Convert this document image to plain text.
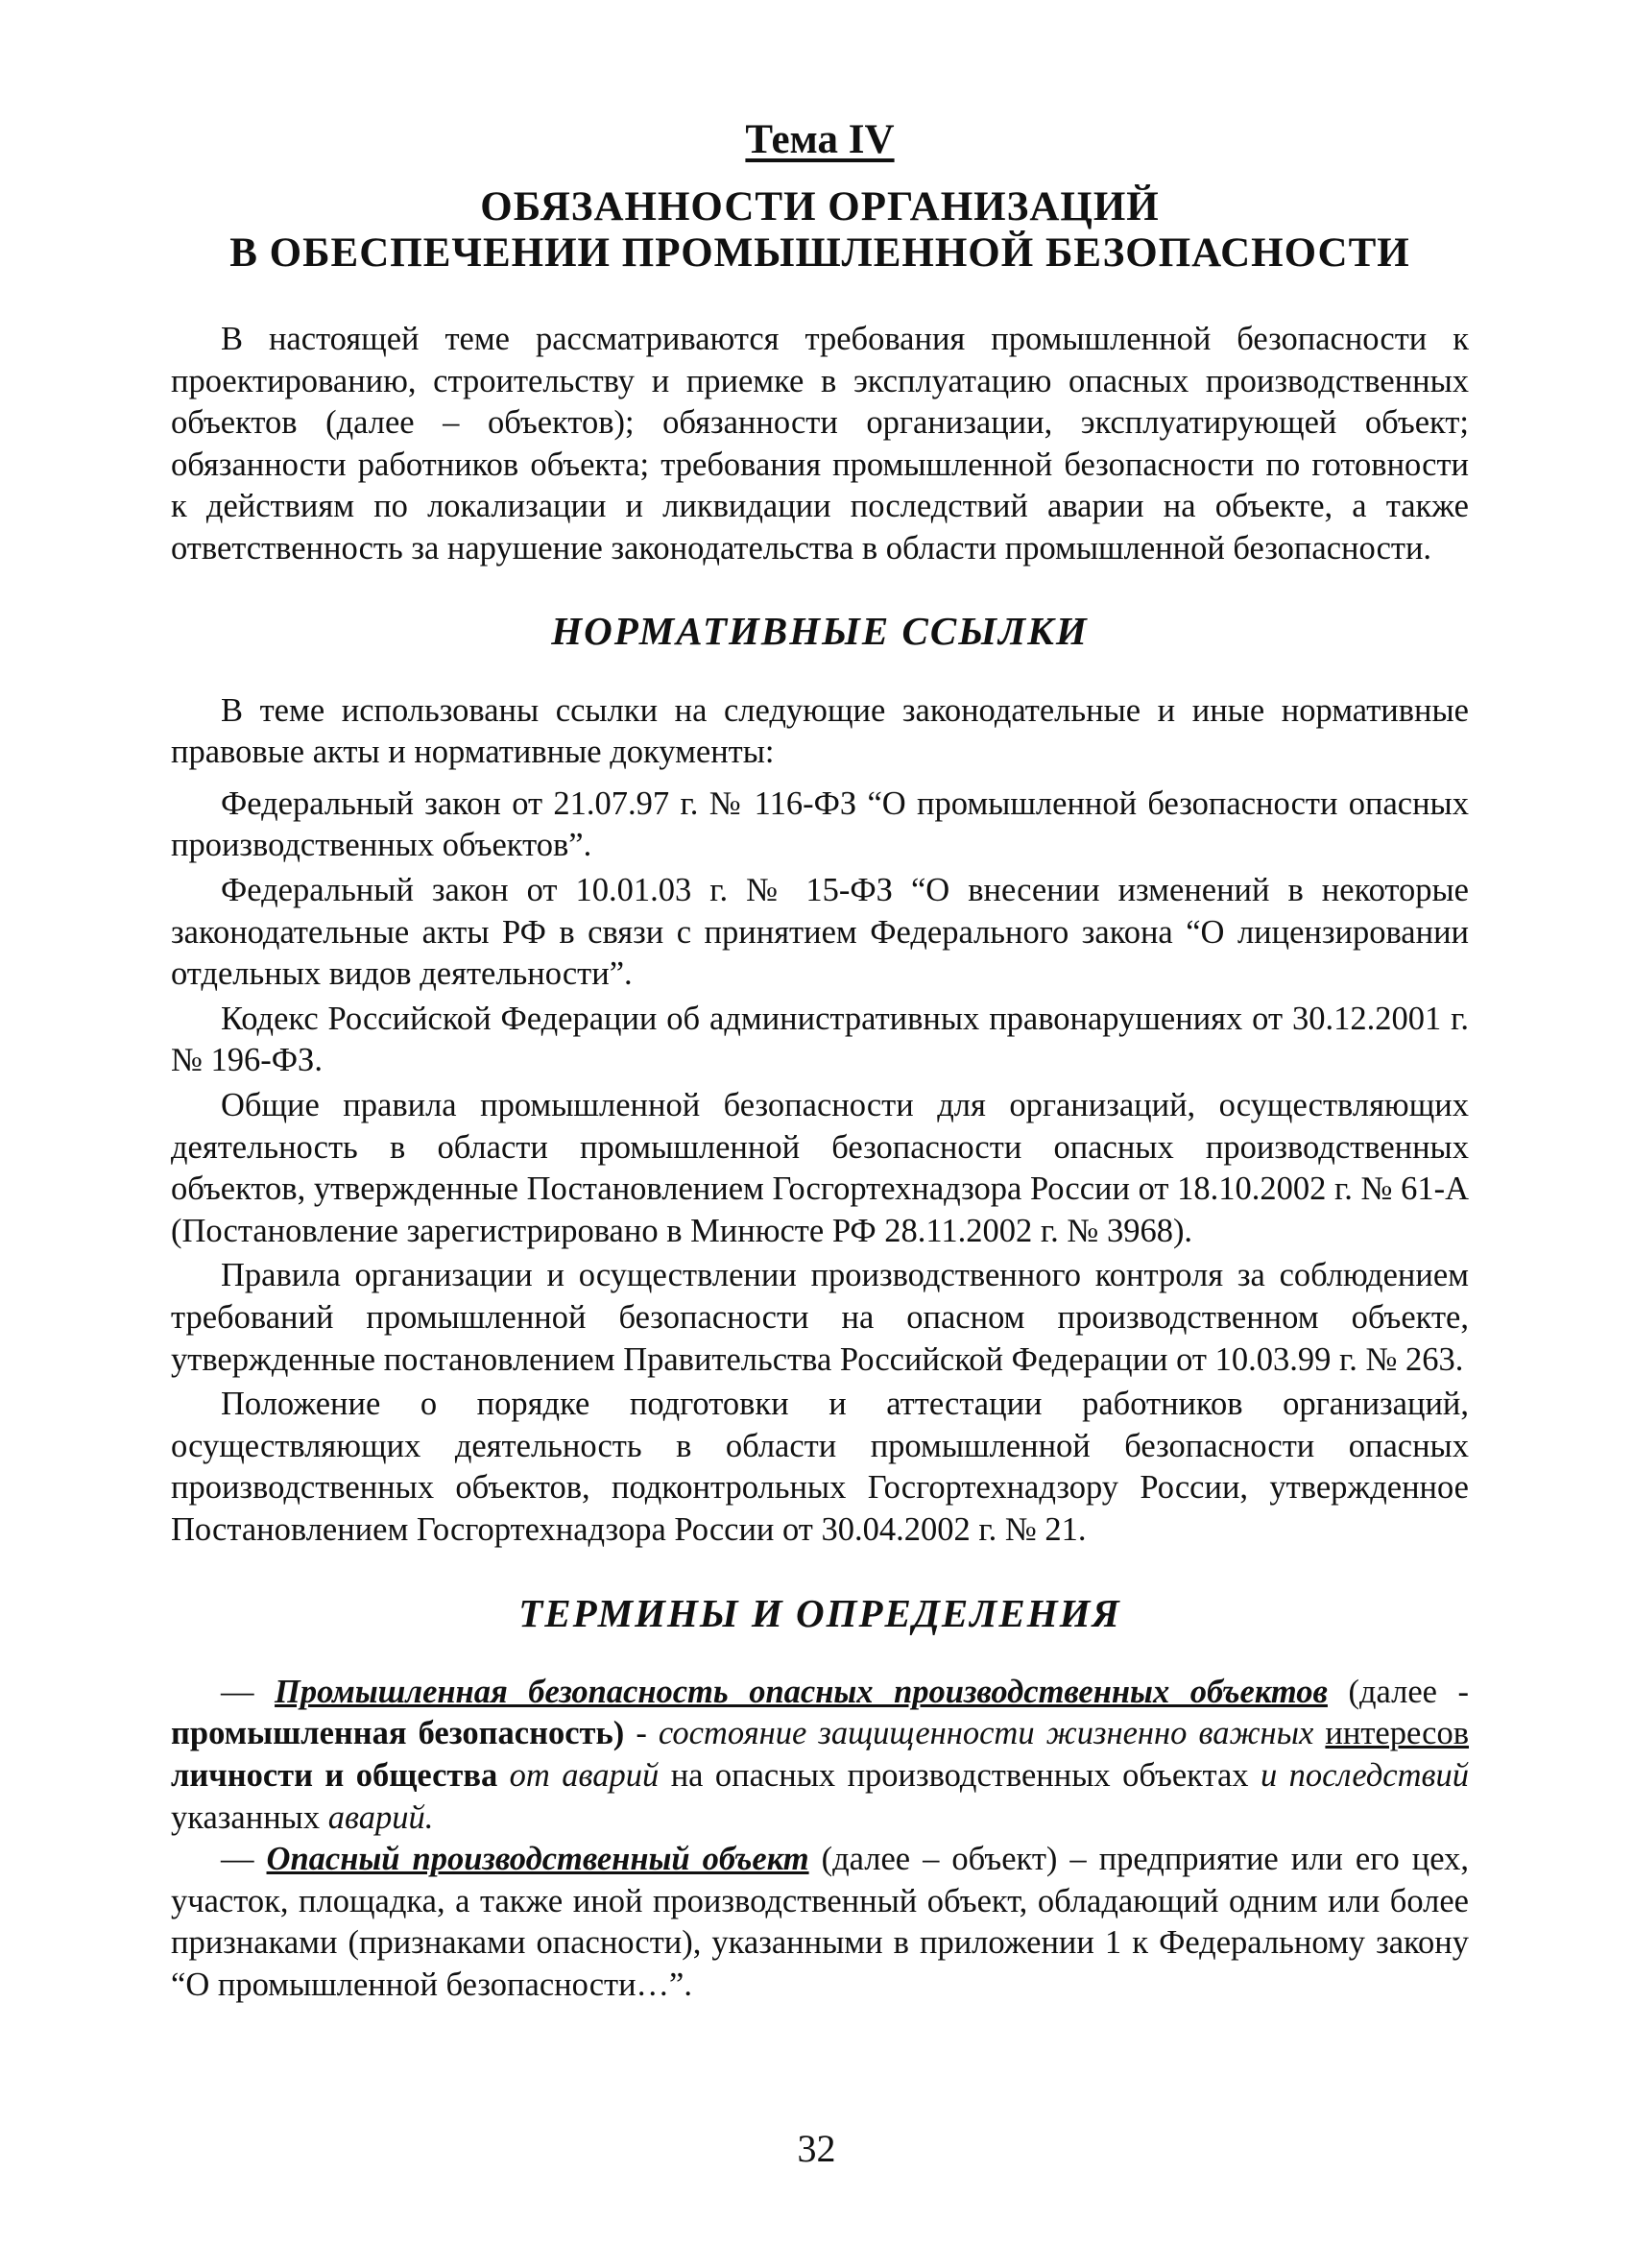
Тема IV
ОБЯЗАННОСТИ ОРГАНИЗАЦИЙ
В ОБЕСПЕЧЕНИИ ПРОМЫШЛЕННОЙ БЕЗОПАСНОСТИ

В настоящей теме рассматриваются требования промышленной безопасности к проектированию, строительству и приемке в эксплуатацию опасных производственных объектов (далее – объектов); обязанности организации, эксплуатирующей объект; обязанности работников объекта; требования промышленной безопасности по готовности к действиям по локализации и ликвидации последствий аварии на объекте, а также ответственность за нарушение законодательства в области промышленной безопасности.

НОРМАТИВНЫЕ ССЫЛКИ

В теме использованы ссылки на следующие законодательные и иные нормативные правовые акты и нормативные документы:

Федеральный закон от 21.07.97 г. № 116-ФЗ “О промышленной безопасности опасных производственных объектов”.

Федеральный закон от 10.01.03 г. № 15-ФЗ “О внесении изменений в некоторые законодательные акты РФ в связи с принятием Федерального закона “О лицензировании отдельных видов деятельности”.

Кодекс Российской Федерации об административных правонарушениях от 30.12.2001 г. № 196-ФЗ.

Общие правила промышленной безопасности для организаций, осуществляющих деятельность в области промышленной безопасности опасных производственных объектов, утвержденные Постановлением Госгортехнадзора России от 18.10.2002 г. № 61-А (Постановление зарегистрировано в Минюсте РФ 28.11.2002 г. № 3968).

Правила организации и осуществлении производственного контроля за соблюдением требований промышленной безопасности на опасном производственном объекте, утвержденные постановлением Правительства Российской Федерации от 10.03.99 г. № 263.

Положение о порядке подготовки и аттестации работников организаций, осуществляющих деятельность в области промышленной безопасности опасных производственных объектов, подконтрольных Госгортехнадзору России, утвержденное Постановлением Госгортехнадзора России от 30.04.2002 г. № 21.

ТЕРМИНЫ И ОПРЕДЕЛЕНИЯ

— Промышленная безопасность опасных производственных объектов (далее - промышленная безопасность) - состояние защищенности жизненно важных интересов личности и общества от аварий на опасных производственных объектах и последствий указанных аварий.

— Опасный производственный объект (далее – объект) – предприятие или его цех, участок, площадка, а также иной производственный объект, обладающий одним или более признаками (признаками опасности), указанными в приложении 1 к Федеральному закону “О промышленной безопасности…”.

32
